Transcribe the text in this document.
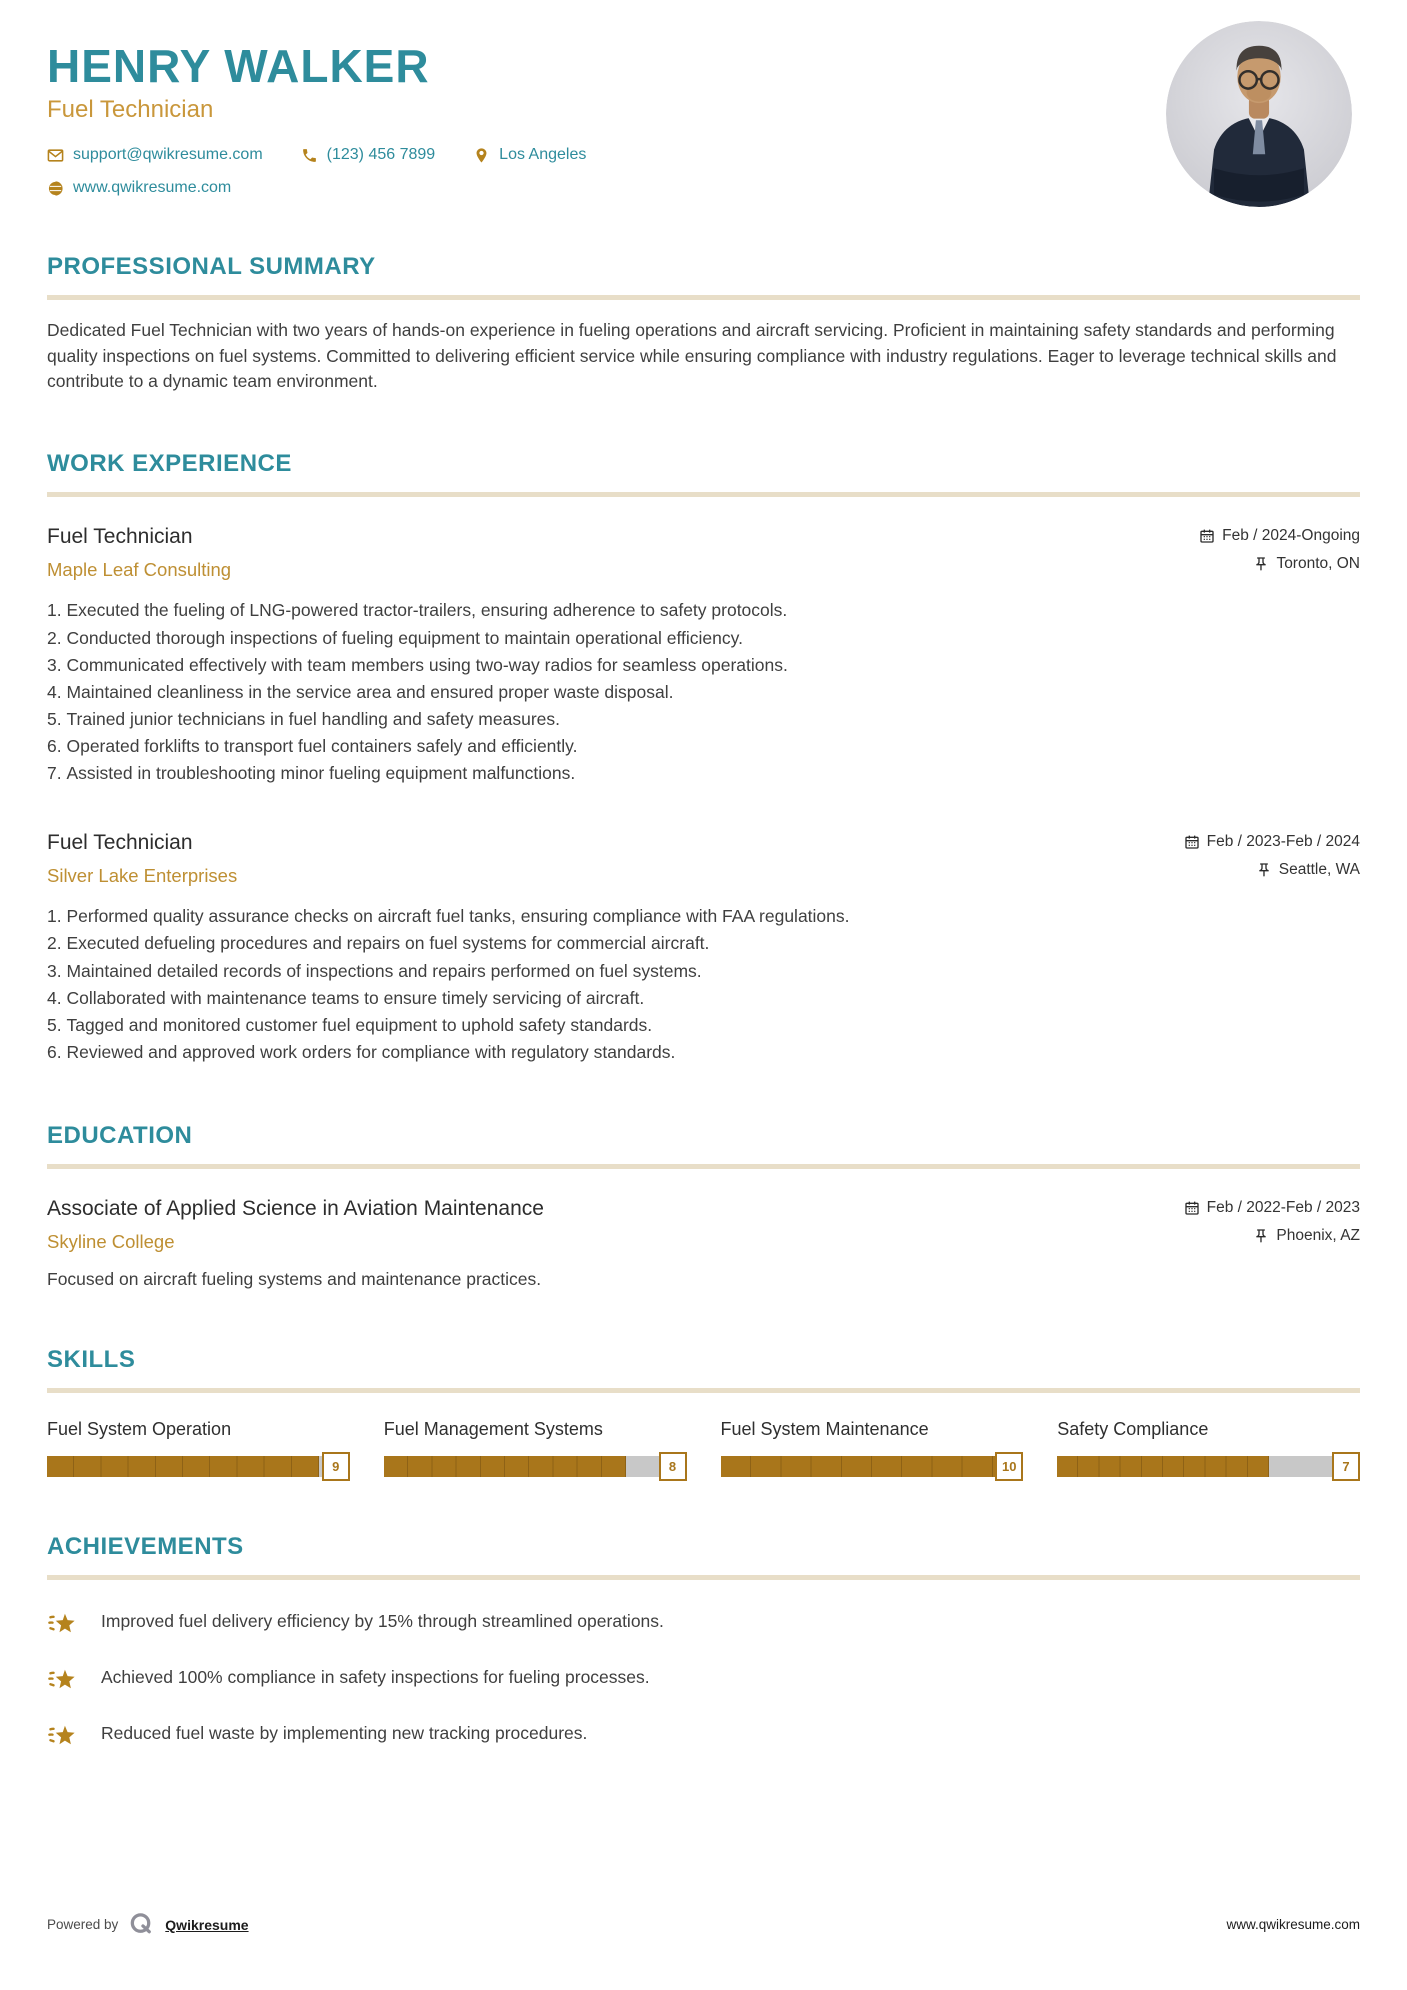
HENRY WALKER
Fuel Technician
support@qwikresume.com	(123) 456 7899	Los Angeles
www.qwikresume.com
PROFESSIONAL SUMMARY

Dedicated Fuel Technician with two years of hands-on experience in fueling operations and aircraft servicing. Proficient in maintaining safety standards and performing quality inspections on fuel systems. Committed to delivering efficient service while ensuring compliance with industry regulations. Eager to leverage technical skills and contribute to a dynamic team environment.

WORK EXPERIENCE
Fuel Technician
Maple Leaf Consulting
Feb / 2024-Ongoing
Toronto, ON
1. Executed the fueling of LNG-powered tractor-trailers, ensuring adherence to safety protocols.
2. Conducted thorough inspections of fueling equipment to maintain operational efficiency.
3. Communicated effectively with team members using two-way radios for seamless operations.
4. Maintained cleanliness in the service area and ensured proper waste disposal.
5. Trained junior technicians in fuel handling and safety measures.
6. Operated forklifts to transport fuel containers safely and efficiently.
7. Assisted in troubleshooting minor fueling equipment malfunctions.
Fuel Technician
Silver Lake Enterprises
Feb / 2023-Feb / 2024
Seattle, WA
1. Performed quality assurance checks on aircraft fuel tanks, ensuring compliance with FAA regulations.
2. Executed defueling procedures and repairs on fuel systems for commercial aircraft.
3. Maintained detailed records of inspections and repairs performed on fuel systems.
4. Collaborated with maintenance teams to ensure timely servicing of aircraft.
5. Tagged and monitored customer fuel equipment to uphold safety standards.
6. Reviewed and approved work orders for compliance with regulatory standards.
EDUCATION
Associate of Applied Science in Aviation Maintenance
Skyline College
Feb / 2022-Feb / 2023
Phoenix, AZ
Focused on aircraft fueling systems and maintenance practices.
SKILLS
Fuel System Operation
9
Fuel Management Systems
8
Fuel System Maintenance
10
Safety Compliance
7
ACHIEVEMENTS
Improved fuel delivery efficiency by 15% through streamlined operations.
Achieved 100% compliance in safety inspections for fueling processes.
Reduced fuel waste by implementing new tracking procedures.
Powered by	Qwikresume	www.qwikresume.com
